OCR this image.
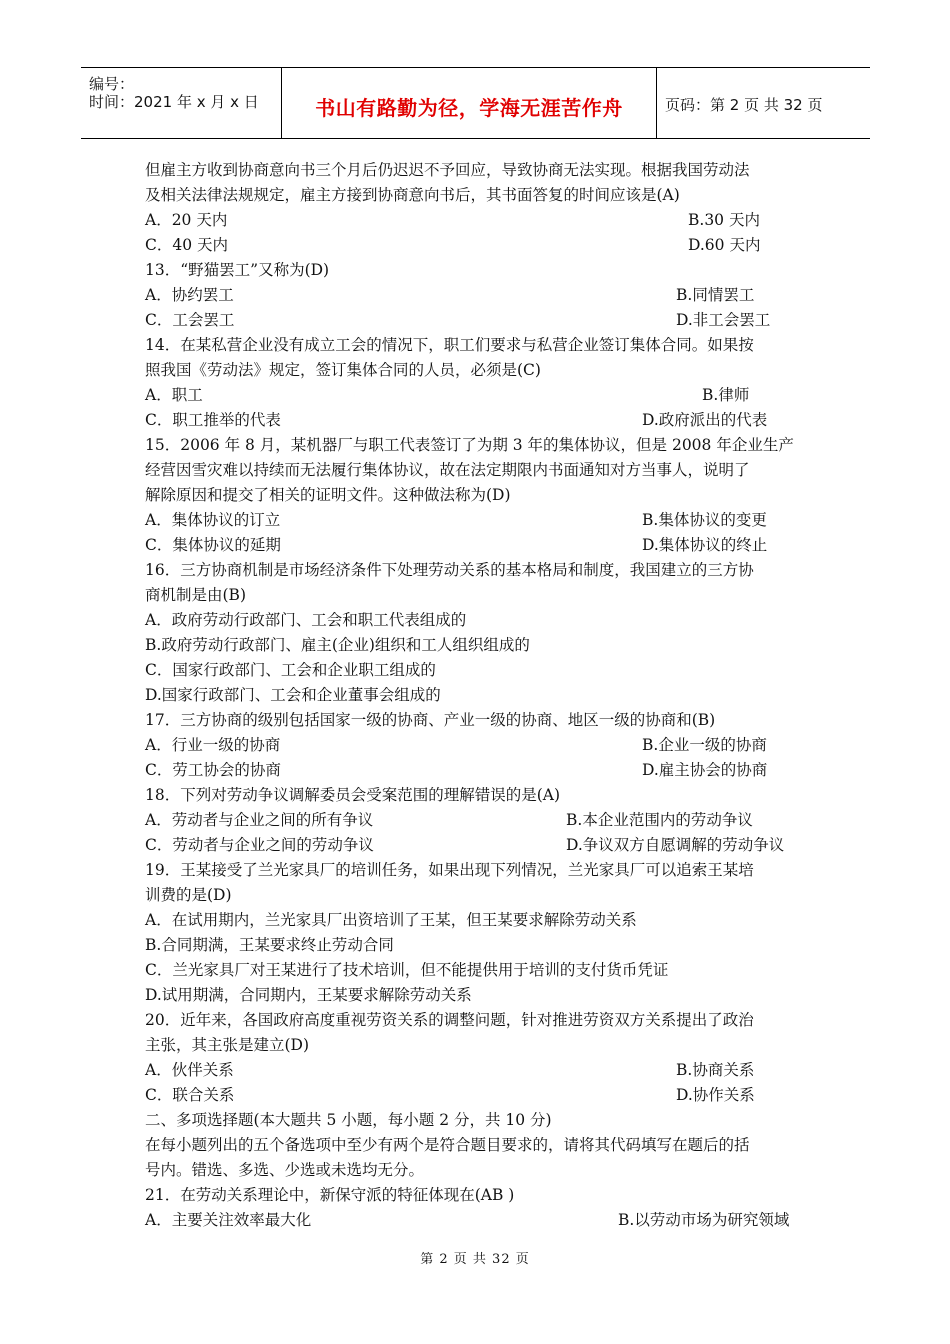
编号：
时间：2021 年 x 月 x 日	书山有路勤为径，学海无涯苦作舟	页码：第 2 页 共 32 页
但雇主方收到协商意向书三个月后仍迟迟不予回应，导致协商无法实现。根据我国劳动法
及相关法律法规规定，雇主方接到协商意向书后，其书面答复的时间应该是(A)
A．20 天内	B.30 天内
C．40 天内	D.60 天内
13．“野猫罢工”又称为(D)
A．协约罢工	B.同情罢工
C．工会罢工	D.非工会罢工
14．在某私营企业没有成立工会的情况下，职工们要求与私营企业签订集体合同。如果按
照我国《劳动法》规定，签订集体合同的人员，必须是(C)
A．职工	B.律师
C．职工推举的代表	D.政府派出的代表
15．2006 年 8 月，某机器厂与职工代表签订了为期 3 年的集体协议，但是 2008 年企业生产
经营因雪灾难以持续而无法履行集体协议，故在法定期限内书面通知对方当事人，说明了
解除原因和提交了相关的证明文件。这种做法称为(D)
A．集体协议的订立	B.集体协议的变更
C．集体协议的延期	D.集体协议的终止
16．三方协商机制是市场经济条件下处理劳动关系的基本格局和制度，我国建立的三方协
商机制是由(B)
A．政府劳动行政部门、工会和职工代表组成的
B.政府劳动行政部门、雇主(企业)组织和工人组织组成的
C．国家行政部门、工会和企业职工组成的
D.国家行政部门、工会和企业董事会组成的
17．三方协商的级别包括国家一级的协商、产业一级的协商、地区一级的协商和(B)
A．行业一级的协商	B.企业一级的协商
C．劳工协会的协商	D.雇主协会的协商
18．下列对劳动争议调解委员会受案范围的理解错误的是(A)
A．劳动者与企业之间的所有争议	B.本企业范围内的劳动争议
C．劳动者与企业之间的劳动争议	D.争议双方自愿调解的劳动争议
19．王某接受了兰光家具厂的培训任务，如果出现下列情况，兰光家具厂可以追索王某培
训费的是(D)
A．在试用期内，兰光家具厂出资培训了王某，但王某要求解除劳动关系
B.合同期满，王某要求终止劳动合同
C．兰光家具厂对王某进行了技术培训，但不能提供用于培训的支付货币凭证
D.试用期满，合同期内，王某要求解除劳动关系
20．近年来，各国政府高度重视劳资关系的调整问题，针对推进劳资双方关系提出了政治
主张，其主张是建立(D)
A．伙伴关系	B.协商关系
C．联合关系	D.协作关系
二、多项选择题(本大题共 5 小题，每小题 2 分，共 10 分)
在每小题列出的五个备选项中至少有两个是符合题目要求的，请将其代码填写在题后的括
号内。错选、多选、少选或未选均无分。
21．在劳动关系理论中，新保守派的特征体现在(AB )
A．主要关注效率最大化	B.以劳动市场为研究领域
第 2 页 共 32 页
